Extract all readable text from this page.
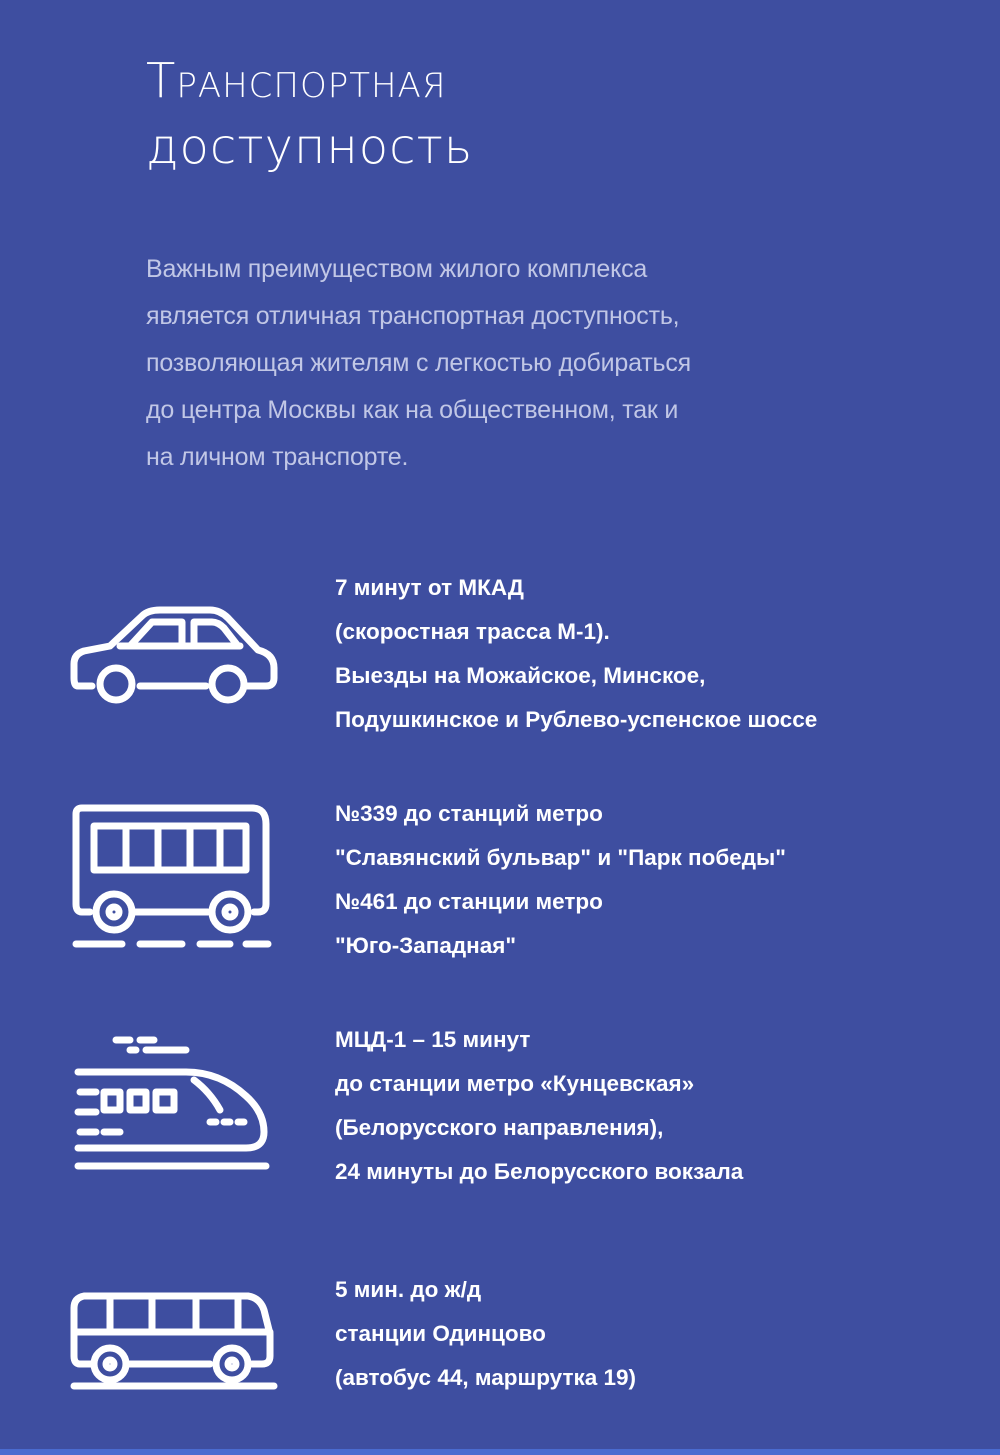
Транспортная
доступность

Важным преимуществом жилого комплекса
является отличная транспортная доступность,
позволяющая жителям с легкостью добираться
до центра Москвы как на общественном, так и
на личном транспорте.

7 минут от МКАД
(скоростная трасса М-1).
Выезды на Можайское, Минское,
Подушкинское и Рублево-успенское шоссе
№339 до станций метро
"Славянский бульвар" и "Парк победы"
№461 до станции метро
"Юго-Западная"
МЦД-1 – 15 минут
до станции метро «Кунцевская»
(Белорусского направления),
24 минуты до Белорусского вокзала
5 мин. до ж/д
станции Одинцово
(автобус 44, маршрутка 19)
